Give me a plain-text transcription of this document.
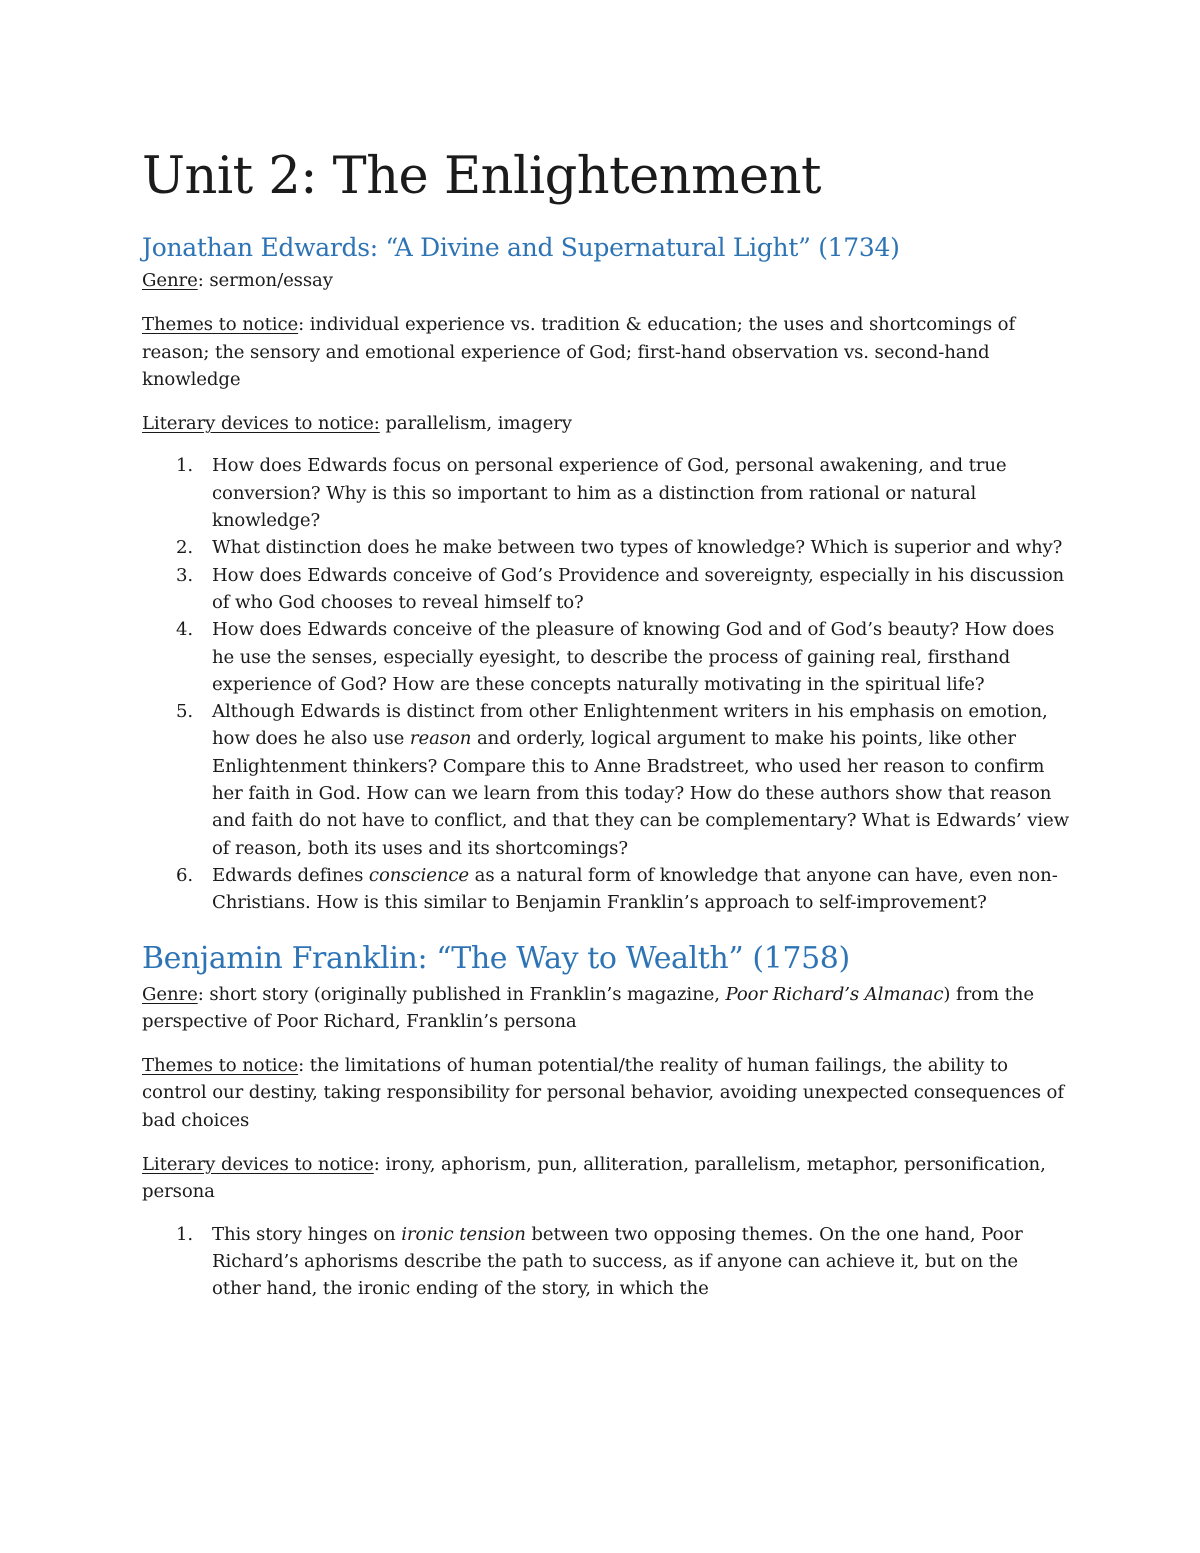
Unit 2: The Enlightenment
Jonathan Edwards: “A Divine and Supernatural Light” (1734)

Genre: sermon/essay

Themes to notice: individual experience vs. tradition & education; the uses and shortcomings of reason; the sensory and emotional experience of God; first-hand observation vs. second-hand knowledge

Literary devices to notice: parallelism, imagery

1. How does Edwards focus on personal experience of God, personal awakening, and true conversion? Why is this so important to him as a distinction from rational or natural knowledge?
2. What distinction does he make between two types of knowledge? Which is superior and why?
3. How does Edwards conceive of God’s Providence and sovereignty, especially in his discussion of who God chooses to reveal himself to?
4. How does Edwards conceive of the pleasure of knowing God and of God’s beauty? How does he use the senses, especially eyesight, to describe the process of gaining real, firsthand experience of God? How are these concepts naturally motivating in the spiritual life?
5. Although Edwards is distinct from other Enlightenment writers in his emphasis on emotion, how does he also use reason and orderly, logical argument to make his points, like other Enlightenment thinkers? Compare this to Anne Bradstreet, who used her reason to confirm her faith in God. How can we learn from this today? How do these authors show that reason and faith do not have to conflict, and that they can be complementary? What is Edwards’ view of reason, both its uses and its shortcomings?
6. Edwards defines conscience as a natural form of knowledge that anyone can have, even non-Christians. How is this similar to Benjamin Franklin’s approach to self-improvement?
Benjamin Franklin: “The Way to Wealth” (1758)

Genre: short story (originally published in Franklin’s magazine, Poor Richard’s Almanac) from the perspective of Poor Richard, Franklin’s persona

Themes to notice: the limitations of human potential/the reality of human failings, the ability to control our destiny, taking responsibility for personal behavior, avoiding unexpected consequences of bad choices

Literary devices to notice: irony, aphorism, pun, alliteration, parallelism, metaphor, personification, persona

1. This story hinges on ironic tension between two opposing themes. On the one hand, Poor Richard’s aphorisms describe the path to success, as if anyone can achieve it, but on the other hand, the ironic ending of the story, in which the
